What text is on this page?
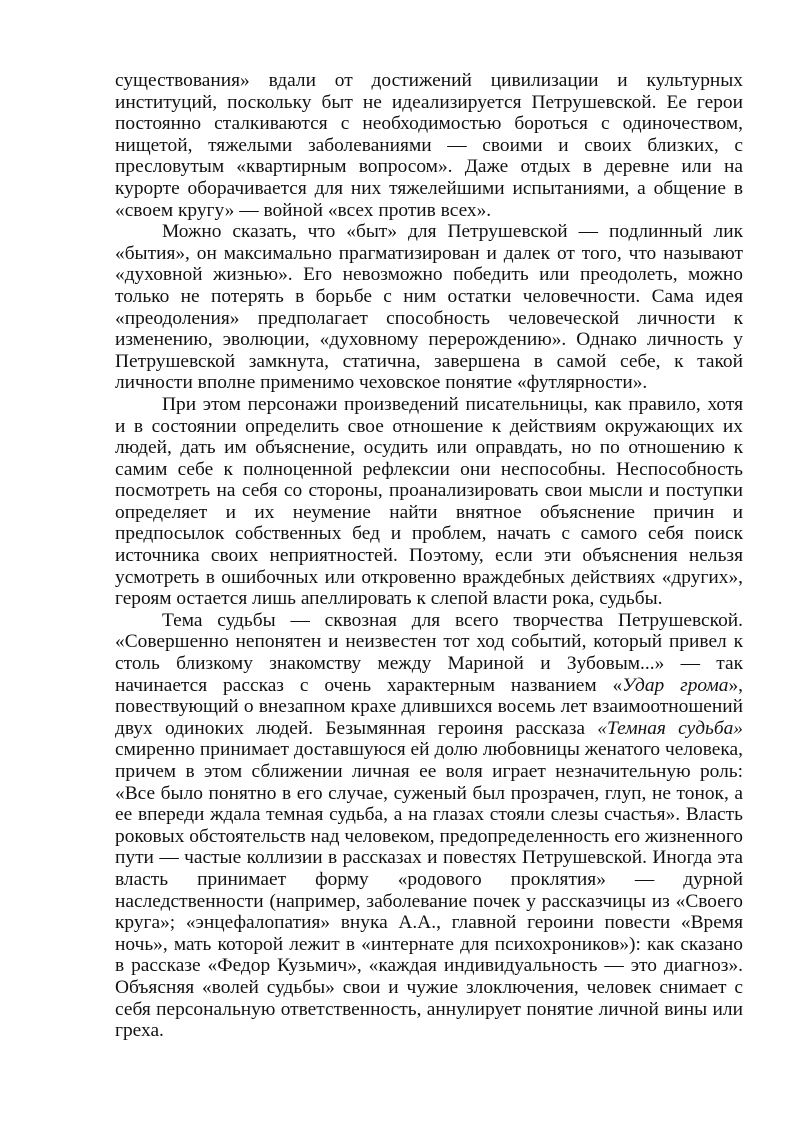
существования» вдали от достижений цивилизации и культурных институций, поскольку быт не идеализируется Петрушевской. Ее герои постоянно сталкиваются с необходимостью бороться с одиночеством, нищетой, тяжелыми заболеваниями — своими и своих близких, с пресловутым «квартирным вопросом». Даже отдых в деревне или на курорте оборачивается для них тяжелейшими испытаниями, а общение в «своем кругу» — войной «всех против всех».

Можно сказать, что «быт» для Петрушевской — подлинный лик «бытия», он максимально прагматизирован и далек от того, что называют «духовной жизнью». Его невозможно победить или преодолеть, можно только не потерять в борьбе с ним остатки человечности. Сама идея «преодоления» предполагает способность человеческой личности к изменению, эволюции, «духовному перерождению». Однако личность у Петрушевской замкнута, статична, завершена в самой себе, к такой личности вполне применимо чеховское понятие «футлярности».

При этом персонажи произведений писательницы, как правило, хотя и в состоянии определить свое отношение к действиям окружающих их людей, дать им объяснение, осудить или оправдать, но по отношению к самим себе к полноценной рефлексии они неспособны. Неспособность посмотреть на себя со стороны, проанализировать свои мысли и поступки определяет и их неумение найти внятное объяснение причин и предпосылок собственных бед и проблем, начать с самого себя поиск источника своих неприятностей. Поэтому, если эти объяснения нельзя усмотреть в ошибочных или откровенно враждебных действиях «других», героям остается лишь апеллировать к слепой власти рока, судьбы.

Тема судьбы — сквозная для всего творчества Петрушевской. «Совершенно непонятен и неизвестен тот ход событий, который привел к столь близкому знакомству между Мариной и Зубовым...» — так начинается рассказ с очень характерным названием «Удар грома», повествующий о внезапном крахе длившихся восемь лет взаимоотношений двух одиноких людей. Безымянная героиня рассказа «Темная судьба» смиренно принимает доставшуюся ей долю любовницы женатого человека, причем в этом сближении личная ее воля играет незначительную роль: «Все было понятно в его случае, суженый был прозрачен, глуп, не тонок, а ее впереди ждала темная судьба, а на глазах стояли слезы счастья». Власть роковых обстоятельств над человеком, предопределенность его жизненного пути — частые коллизии в рассказах и повестях Петрушевской. Иногда эта власть принимает форму «родового проклятия» — дурной наследственности (например, заболевание почек у рассказчицы из «Своего круга»; «энцефалопатия» внука А.А., главной героини повести «Время ночь», мать которой лежит в «интернате для психохроников»): как сказано в рассказе «Федор Кузьмич», «каждая индивидуальность — это диагноз». Объясняя «волей судьбы» свои и чужие злоключения, человек снимает с себя персональную ответственность, аннулирует понятие личной вины или греха.
